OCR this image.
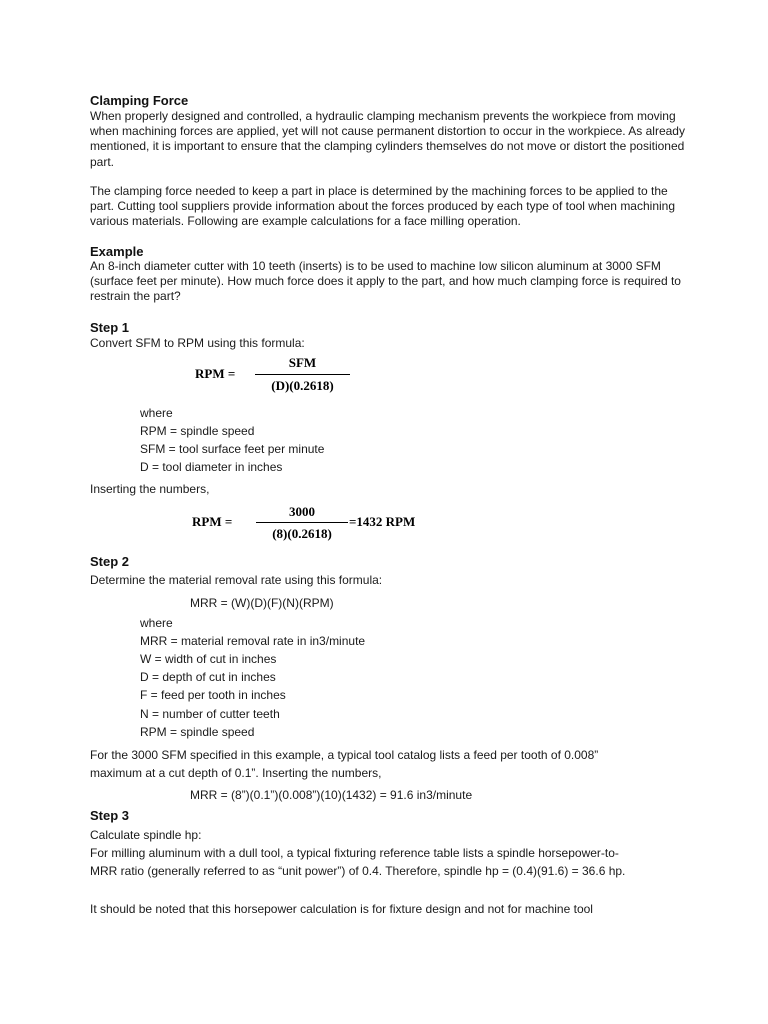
Clamping Force
When properly designed and controlled, a hydraulic clamping mechanism prevents the workpiece from moving when machining forces are applied, yet will not cause permanent distortion to occur in the workpiece. As already mentioned, it is important to ensure that the clamping cylinders themselves do not move or distort the positioned part.
The clamping force needed to keep a part in place is determined by the machining forces to be applied to the part. Cutting tool suppliers provide information about the forces produced by each type of tool when machining various materials. Following are example calculations for a face milling operation.
Example
An 8-inch diameter cutter with 10 teeth (inserts) is to be used to machine low silicon aluminum at 3000 SFM (surface feet per minute). How much force does it apply to the part, and how much clamping force is required to restrain the part?
Step 1
Convert SFM to RPM using this formula:
RPM =
SFM
(D)(0.2618)
where
RPM = spindle speed
SFM = tool surface feet per minute
D = tool diameter in inches
Inserting the numbers,
RPM =
3000
(8)(0.2618)
=1432 RPM
Step 2
Determine the material removal rate using this formula:
MRR = (W)(D)(F)(N)(RPM)
where
MRR = material removal rate in in3/minute
W = width of cut in inches
D = depth of cut in inches
F = feed per tooth in inches
N = number of cutter teeth
RPM = spindle speed
For the 3000 SFM specified in this example, a typical tool catalog lists a feed per tooth of 0.008”
maximum at a cut depth of 0.1”. Inserting the numbers,
MRR = (8”)(0.1”)(0.008”)(10)(1432) = 91.6 in3/minute
Step 3
Calculate spindle hp:
For milling aluminum with a dull tool, a typical fixturing reference table lists a spindle horsepower-to-
MRR ratio (generally referred to as “unit power”) of 0.4. Therefore, spindle hp = (0.4)(91.6) = 36.6 hp.
It should be noted that this horsepower calculation is for fixture design and not for machine tool
